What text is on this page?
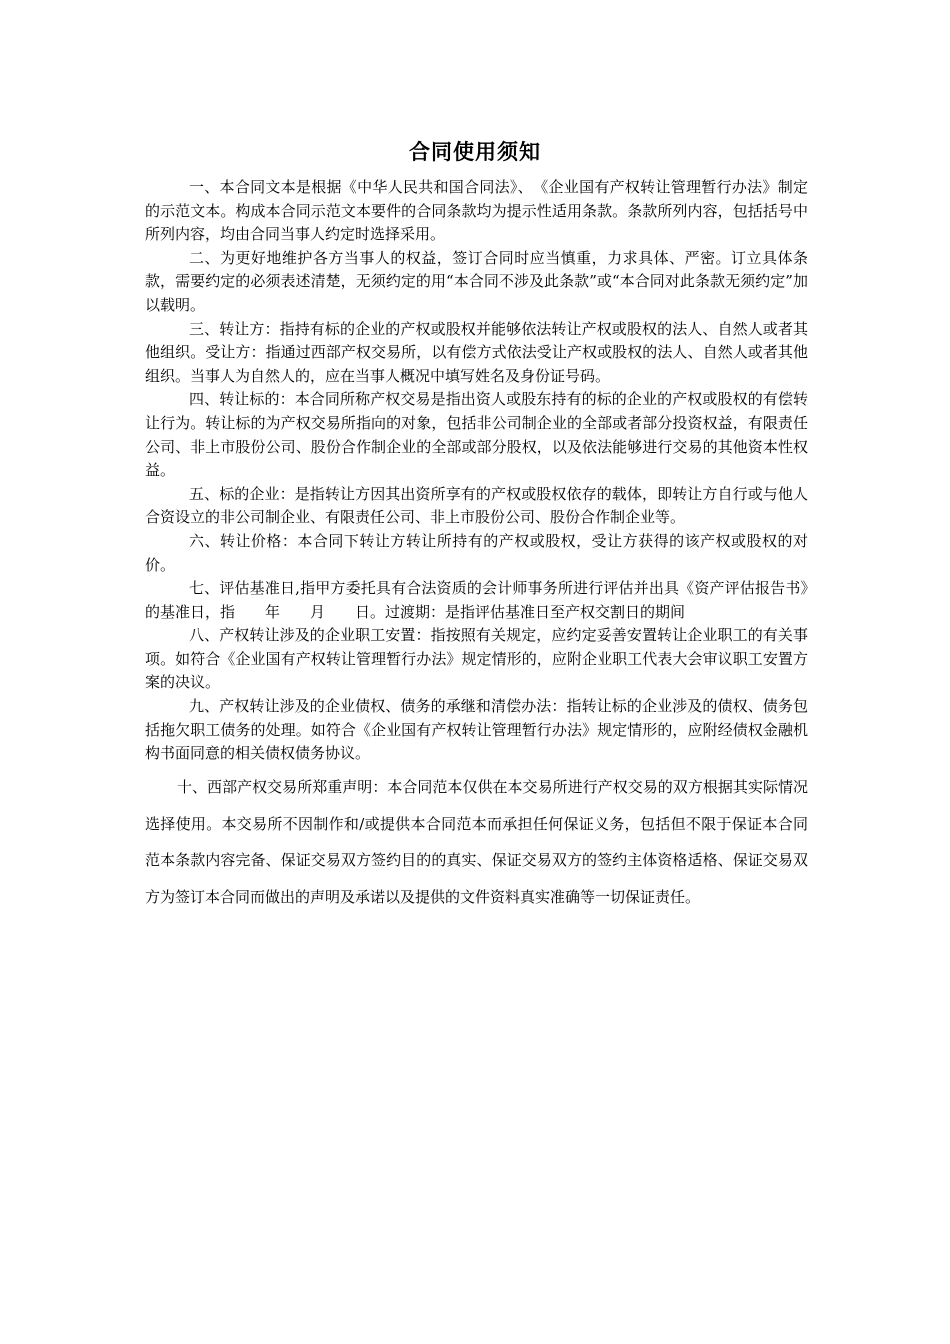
合同使用须知

一、本合同文本是根据《中华人民共和国合同法》、　《企业国有产权转让管理暂行办法》制定的示范文本。构成本合同示范文本要件的合同条款均为提示性适用条款。条款所列内容，包括括号中所列内容，均由合同当事人约定时选择采用。

二、为更好地维护各方当事人的权益，签订合同时应当慎重，力求具体、严密。订立具体条款，需要约定的必须表述清楚，无须约定的用“本合同不涉及此条款”或“本合同对此条款无须约定”加以载明。

三、转让方：指持有标的企业的产权或股权并能够依法转让产权或股权的法人、自然人或者其他组织。受让方：指通过西部产权交易所，以有偿方式依法受让产权或股权的法人、自然人或者其他组织。当事人为自然人的，应在当事人概况中填写姓名及身份证号码。

四、转让标的：本合同所称产权交易是指出资人或股东持有的标的企业的产权或股权的有偿转让行为。转让标的为产权交易所指向的对象，包括非公司制企业的全部或者部分投资权益，有限责任公司、非上市股份公司、股份合作制企业的全部或部分股权，以及依法能够进行交易的其他资本性权益。

五、标的企业：是指转让方因其出资所享有的产权或股权依存的载体，即转让方自行或与他人合资设立的非公司制企业、有限责任公司、非上市股份公司、股份合作制企业等。

六、转让价格：本合同下转让方转让所持有的产权或股权，受让方获得的该产权或股权的对价。

七、评估基准日,指甲方委托具有合法资质的会计师事务所进行评估并出具《资产评估报告书》的基准日，指　　年　　月　　日。过渡期：是指评估基准日至产权交割日的期间

八、产权转让涉及的企业职工安置：指按照有关规定，应约定妥善安置转让企业职工的有关事项。如符合《企业国有产权转让管理暂行办法》规定情形的，应附企业职工代表大会审议职工安置方案的决议。

九、产权转让涉及的企业债权、债务的承继和清偿办法：指转让标的企业涉及的债权、债务包括拖欠职工债务的处理。如符合《企业国有产权转让管理暂行办法》规定情形的，应附经债权金融机构书面同意的相关债权债务协议。

十、西部产权交易所郑重声明：本合同范本仅供在本交易所进行产权交易的双方根据其实际情况选择使用。本交易所不因制作和/或提供本合同范本而承担任何保证义务，包括但不限于保证本合同范本条款内容完备、保证交易双方签约目的的真实、保证交易双方的签约主体资格适格、保证交易双方为签订本合同而做出的声明及承诺以及提供的文件资料真实准确等一切保证责任。
